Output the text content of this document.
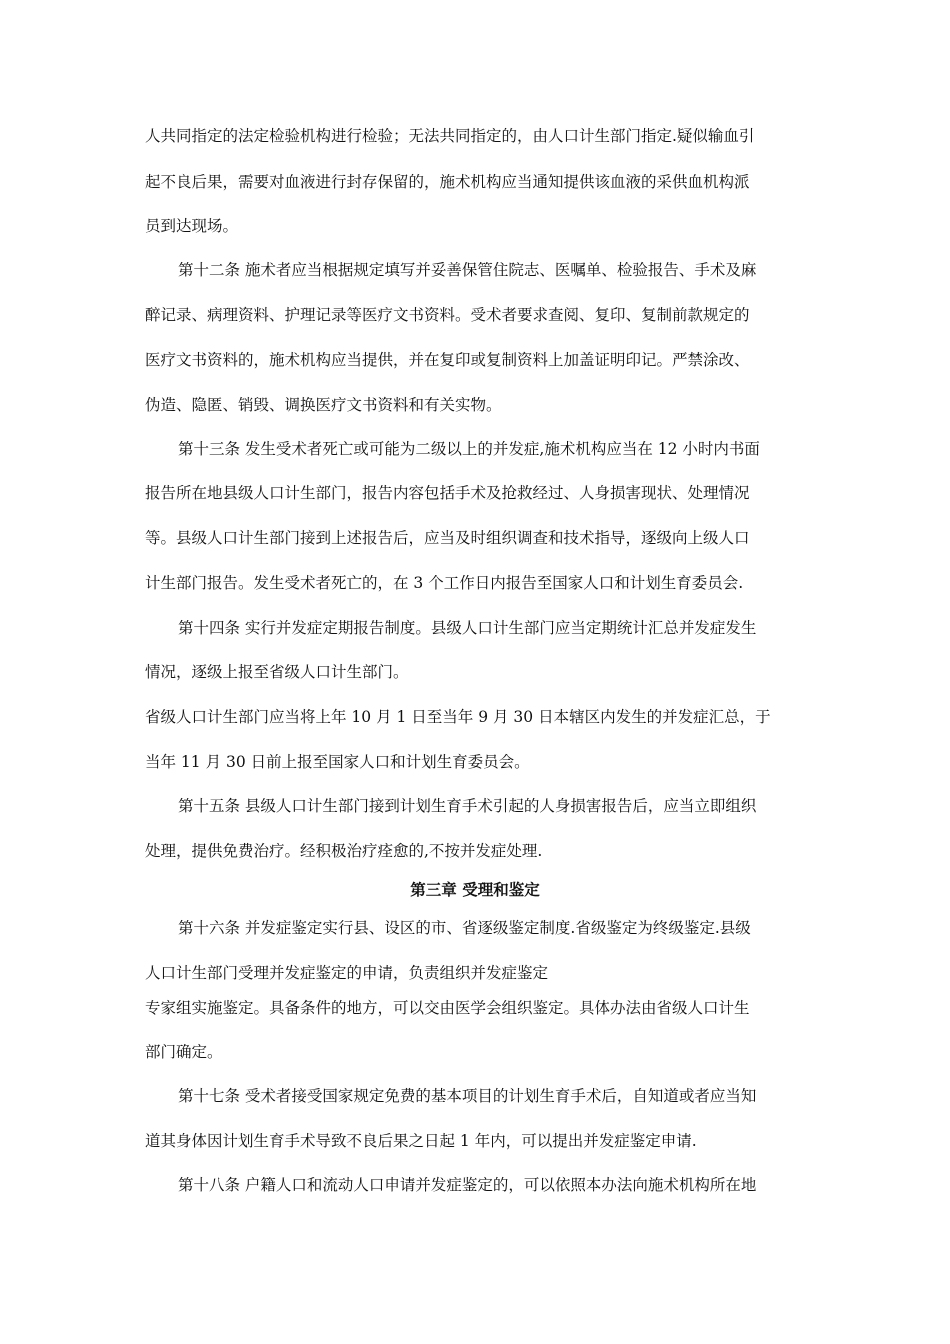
人共同指定的法定检验机构进行检验；无法共同指定的，由人口计生部门指定.疑似输血引
起不良后果，需要对血液进行封存保留的，施术机构应当通知提供该血液的采供血机构派
员到达现场。
第十二条 施术者应当根据规定填写并妥善保管住院志、医嘱单、检验报告、手术及麻
醉记录、病理资料、护理记录等医疗文书资料。受术者要求查阅、复印、复制前款规定的
医疗文书资料的，施术机构应当提供，并在复印或复制资料上加盖证明印记。严禁涂改、
伪造、隐匿、销毁、调换医疗文书资料和有关实物。
第十三条 发生受术者死亡或可能为二级以上的并发症,施术机构应当在 12 小时内书面
报告所在地县级人口计生部门，报告内容包括手术及抢救经过、人身损害现状、处理情况
等。县级人口计生部门接到上述报告后，应当及时组织调查和技术指导，逐级向上级人口
计生部门报告。发生受术者死亡的，在 3 个工作日内报告至国家人口和计划生育委员会.
第十四条 实行并发症定期报告制度。县级人口计生部门应当定期统计汇总并发症发生
情况，逐级上报至省级人口计生部门。
省级人口计生部门应当将上年 10 月 1 日至当年 9 月 30 日本辖区内发生的并发症汇总，于
当年 11 月 30 日前上报至国家人口和计划生育委员会。
第十五条 县级人口计生部门接到计划生育手术引起的人身损害报告后，应当立即组织
处理，提供免费治疗。经积极治疗痊愈的,不按并发症处理.
第三章 受理和鉴定
第十六条 并发症鉴定实行县、设区的市、省逐级鉴定制度.省级鉴定为终级鉴定.县级
人口计生部门受理并发症鉴定的申请，负责组织并发症鉴定
专家组实施鉴定。具备条件的地方，可以交由医学会组织鉴定。具体办法由省级人口计生
部门确定。
第十七条 受术者接受国家规定免费的基本项目的计划生育手术后，自知道或者应当知
道其身体因计划生育手术导致不良后果之日起 1 年内，可以提出并发症鉴定申请.
第十八条 户籍人口和流动人口申请并发症鉴定的，可以依照本办法向施术机构所在地
